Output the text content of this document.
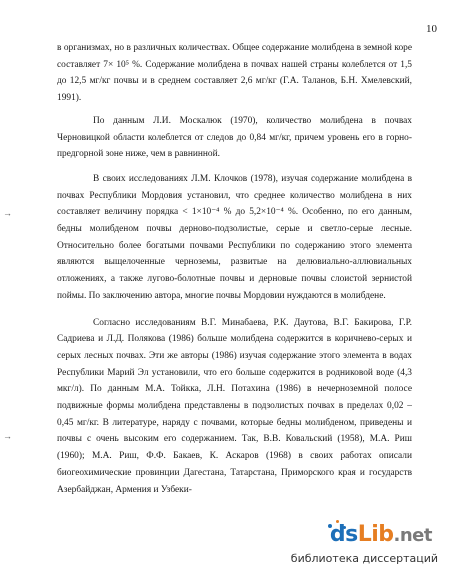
10
→
→

в организмах, но в различных количествах. Общее содержание молибдена в земной коре составляет 7× 10⁵ %. Содержание молибдена в почвах нашей страны колеблется от 1,5 до 12,5 мг/кг почвы и в среднем составляет 2,6 мг/кг (Г.А. Таланов, Б.Н. Хмелевский, 1991).

По данным Л.И. Москалюк (1970), количество молибдена в почвах Черновицкой области колеблется от следов до 0,84 мг/кг, причем уровень его в горно-предгорной зоне ниже, чем в равнинной.

В своих исследованиях Л.М. Клочков (1978), изучая содержание молибдена в почвах Республики Мордовия установил, что среднее количество молибдена в них составляет величину порядка < 1×10⁻⁴ % до 5,2×10⁻⁴ %. Особенно, по его данным, бедны молибденом почвы дерново-подзолистые, серые и светло-серые лесные. Относительно более богатыми почвами Республики по содержанию этого элемента являются выщелоченные черноземы, развитые на делювиально-аллювиальных отложениях, а также лугово-болотные почвы и дерновые почвы слоистой зернистой поймы. По заключению автора, многие почвы Мордовии нуждаются в молибдене.

Согласно исследованиям В.Г. Минабаева, Р.К. Даутова, В.Г. Бакирова, Г.Р. Садриева и Л.Д. Полякова (1986) больше молибдена содержится в коричнево-серых и серых лесных почвах. Эти же авторы (1986) изучая содержание этого элемента в водах Республики Марий Эл установили, что его больше содержится в родниковой воде (4,3 мкг/л). По данным М.А. Тойкка, Л.Н. Потахина (1986) в нечерноземной полосе подвижные формы молибдена представлены в подзолистых почвах в пределах 0,02 – 0,45 мг/кг. В литературе, наряду с почвами, которые бедны молибденом, приведены и почвы с очень высоким его содержанием. Так, В.В. Ковальский (1958), М.А. Риш (1960); М.А. Риш, Ф.Ф. Бакаев, К. Аскаров (1968) в своих работах описали биогеохимические провинции Дагестана, Татарстана, Приморского края и государств Азербайджан, Армения и Узбеки-

dsLib.net
библиотека диссертаций
